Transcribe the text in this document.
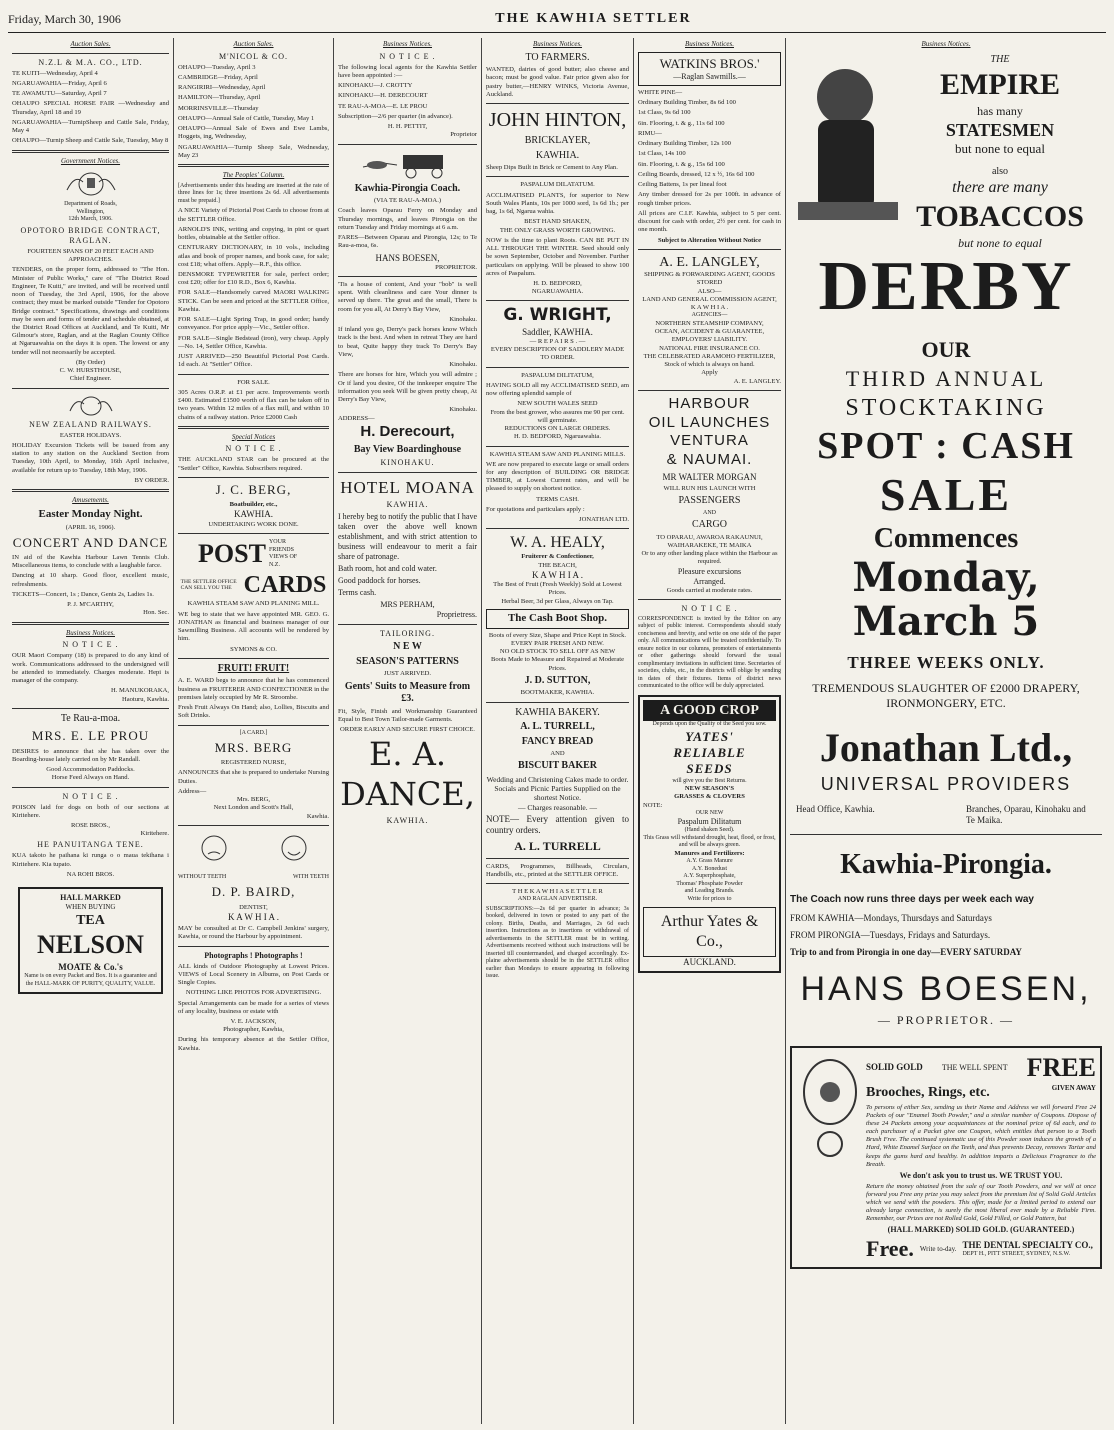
Friday, March 30, 1906	THE KAWHIA SETTLER
Auction Sales.
N.Z.L & M.A. CO., LTD.
TE KUITI—Wednesday, April 4
NGARUAWAHIA—Friday, April 6
TE AWAMUTU—Saturday, April 7
OHAUPO SPECIAL HORSE FAIR —Wednesday and Thursday, April 18 and 19
NGARUAWAHIA—TurnipSheep and Cattle Sale, Friday, May 4
OHAUPO—Turnip Sheep and Cattle Sale, Tuesday, May 8
Government Notices.
Department of Roads,
Wellington,
12th March, 1906.
OPOTORO BRIDGE CONTRACT, RAGLAN.
FOURTEEN SPANS OF 20 FEET EACH AND APPROACHES.
TENDERS, on the proper form, addressed to "The Hon. Minister of Public Works," care of "The District Road Engineer, Te Kuiti," are invited, and will be received until noon of Tuesday, the 3rd April, 1906, for the above contract; they must be marked outside "Tender for Opotoro Bridge contract." Specifications, drawings and conditions may be seen and forms of tender and schedule obtained, at the District Road Offices at Auckland, and Te Kuiti, Mr Gilmour's store, Raglan, and at the Raglan County Office at Ngaruawahia on the days it is open. The lowest or any tender will not necessarily be accepted.
(By Order)
C. W. HURSTHOUSE,
Chief Engineer.
NEW ZEALAND RAILWAYS.
EASTER HOLIDAYS.
HOLIDAY Excursion Tickets will be issued from any station to any station on the Auckland Section from Tuesday, 10th April, to Monday, 16th April inclusive, available for return up to Tuesday, 18th May, 1906.
BY ORDER.
Amusements.
Easter Monday Night.
(APRIL 16, 1906).
CONCERT AND DANCE
IN aid of the Kawhia Harbour Lawn Tennis Club. Miscellaneous items, to conclude with a laughable farce.
Dancing at 10 sharp. Good floor, excellent music, refreshments.
TICKETS—Concert, 1s ; Dance, Gents 2s, Ladies 1s.
P. J. M'CARTHY,
Hon. Sec.
Business Notices.
N O T I C E .
OUR Maori Company (18) is prepared to do any kind of work. Communications addressed to the undersigned will be attended to immediately. Charges moderate. Hepi is manager of the company.
H. MANUKORAKA,
Haoturu, Kawhia.
Te Rau-a-moa.
MRS. E. LE PROU
DESIRES to announce that she has taken over the Boarding-house lately carried on by Mr Randall.
Good Accommodation Paddocks.
Horse Feed Always on Hand.
N O T I C E .
POISON laid for dogs on both of our sections at Kiritehere.
ROSE BROS.,
Kiritehere.
HE PANUITANGA TENE.
KUA takoto he paihana ki runga o o maua tekihana i Kiritehere. Kia tupato.
NA ROHI BROS.
HALL MARKED
WHEN BUYING
TEA
NELSON
MOATE & Co.'s
Name is on every Packet and Box. It is a guarantee and the HALL-MARK OF PURITY, QUALITY, VALUE.
Auction Sales.
M'NICOL & CO.
OHAUPO—Tuesday, April 3
CAMBRIDGE—Friday, April
RANGIRIRI—Wednesday, April
HAMILTON—Thursday, April
MORRINSVILLE—Thursday
OHAUPO—Annual Sale of Cattle, Tuesday, May 1
OHAUPO—Annual Sale of Ewes and Ewe Lambs, Hoggets, ing, Wednesday,
NGARUAWAHIA—Turnip Sheep Sale, Wednesday, May 23
The Peoples' Column.
[Advertisements under this heading are inserted at the rate of three lines for 1s; three insertions 2s 6d. All advertisements must be prepaid.]
A NICE Variety of Pictorial Post Cards to choose from at the SETTLER Office.
ARNOLD'S INK, writing and copying, in pint or quart bottles, obtainable at the Settler office.
CENTURARY DICTIONARY, in 10 vols., including atlas and book of proper names, and book case, for sale; cost £18; what offers. Apply—R.F., this office.
DENSMORE TYPEWRITER for sale, perfect order; cost £20; offer for £10 R.D., Box 6, Kawhia.
FOR SALE—Handsomely carved MAORI WALKING STICK. Can be seen and priced at the SETTLER Office, Kawhia.
FOR SALE—Light Spring Trap, in good order; handy conveyance. For price apply—Vic., Settler office.
FOR SALE—Single Bedstead (iron), very cheap. Apply—No. 14, Settler Office, Kawhia.
JUST ARRIVED—250 Beautiful Pictorial Post Cards. 1d each. At "Settler" Office.
FOR SALE.
305 Acres O.R.P. at £1 per acre. Improvements worth £400. Estimated £1500 worth of flax can be taken off in two years. Within 12 miles of a flax mill, and within 10 chains of a railway station. Price £2000 Cash
Special Notices
N O T I C E .
THE AUCKLAND STAR can be procured at the "Settler" Office, Kawhia. Subscribers required.
J. C. BERG,
Boatbuilder, etc.,
KAWHIA.
UNDERTAKING WORK DONE.
POST YOUR FRIENDS VIEWS OF N.Z.
THE SETTLER OFFICE CAN SELL YOU THE CARDS
KAWHIA STEAM SAW AND PLANING MILL.
WE beg to state that we have appointed MR. GEO. G. JONATHAN as financial and business manager of our Sawmilling Business. All accounts will be rendered by him.
SYMONS & CO.
FRUIT! FRUIT!
A. E. WARD begs to announce that he has commenced business as FRUITERER AND CONFECTIONER in the premises lately occupied by Mr R. Stroombe.
Fresh Fruit Always On Hand; also, Lollies, Biscuits and Soft Drinks.
[A CARD.]
MRS. BERG
REGISTERED NURSE,
ANNOUNCES that she is prepared to undertake Nursing Duties.
Address—
Mrs. BERG,
Next London and Scott's Hall,
Kawhia.
WITHOUT TEETH	WITH TEETH
D. P. BAIRD,
DENTIST,
K A W H I A .
MAY be consulted at Dr C. Campbell Jenkins' surgery, Kawhia, or round the Harbour by appointment.
Photographs ! Photographs !
ALL kinds of Outdoor Photography at Lowest Prices. VIEWS of Local Scenery in Albums, on Post Cards or Single Copies.
NOTHING LIKE PHOTOS FOR ADVERTISING.
Special Arrangements can be made for a series of views of any locality, business or estate with
V. E. JACKSON,
Photographer, Kawhia,
During his temporary absence at the Settler Office, Kawhia.
Business Notices.
N O T I C E .
The following local agents for the Kawhia Settler have been appointed :—
KINOHAKU—J. CROTTY
KINOHAKU—H. DERECOURT
TE RAU-A-MOA—E. LE PROU
Subscription—2/6 per quarter (in advance).
H. H. PETTIT,
Proprietor
Kawhia-Pirongia Coach.
(VIA TE RAU-A-MOA.)
Coach leaves Oparau Ferry on Monday and Thursday mornings, and leaves Pirongia on the return Tuesday and Friday mornings at 6 a.m.
FARES—Between Oparau and Pirongia, 12s; to Te Rau-a-moa, 6s.
HANS BOESEN,
PROPRIETOR.
'Tis a house of content, And your "bob" is well spent. With cleanliness and care Your dinner is served up there. The great and the small, There is room for you all, At Derry's Bay View,
Kinohaku.
If inland you go, Derry's pack horses know Which track is the best. And when in retreat They are hard to beat, Quite happy they track To Derry's Bay View,
Kinohaku.
There are horses for hire, Which you will admire ; Or if land you desire, Of the innkeeper enquire The information you seek Will be given pretty cheap, At Derry's Bay View,
Kinohaku.
ADDRESS—
H. Derecourt,
Bay View Boardinghouse
KINOHAKU.
HOTEL MOANA
KAWHIA.
I hereby beg to notify the public that I have taken over the above well known establishment, and with strict attention to business will endeavour to merit a fair share of patronage.
Bath room, hot and cold water.
Good paddock for horses.
Terms cash.
MRS PERHAM,
Proprietress.
TAILORING.
N E W
SEASON'S PATTERNS
JUST ARRIVED.
Gents' Suits to Measure from £3.
Fit, Style, Finish and Workmanship Guaranteed Equal to Best Town Tailor-made Garments.
ORDER EARLY AND SECURE FIRST CHOICE.
E. A. DANCE,
KAWHIA.
Business Notices.
TO FARMERS.
WANTED, dairies of good butter; also cheese and bacon; must be good value. Fair price given also for pastry butter,—HENRY WINKS, Victoria Avenue, Auckland.
JOHN HINTON,
BRICKLAYER,
KAWHIA.
Sheep Dips Built in Brick or Cement to Any Plan.
PASPALUM DILATATUM.
ACCLIMATISED PLANTS, for superior to New South Wales Plants, 10s per 1000 sord, 1s 6d 1b.; per bag, 1s 6d, Ngarua wahia.
BEST HAND SHAKEN,
THE ONLY GRASS WORTH GROWING.
NOW is the time to plant Roots. CAN BE PUT IN ALL THROUGH THE WINTER. Seed should only be sown September, October and November. Further particulars on applying. Will be pleased to show 100 acres of Paspalum.
H. D. BEDFORD,
NGARUAWAHIA.
G. WRIGHT,
Saddler, KAWHIA.
— R E P A I R S . —
EVERY DESCRIPTION OF SADDLERY MADE TO ORDER.
PASPALUM DILITATUM,
HAVING SOLD all my ACCLIMATISED SEED, am now offering splendid sample of
NEW SOUTH WALES SEED
From the best grower, who assures me 90 per cent. will germinate.
REDUCTIONS ON LARGE ORDERS.
H. D. BEDFORD, Ngaruawahia.
KAWHIA STEAM SAW AND PLANING MILLS.
WE are now prepared to execute large or small orders for any description of BUILDING OR BRIDGE TIMBER, at Lowest Current rates, and will be pleased to supply on shortest notice.
TERMS CASH.
For quotations and particulars apply :
JONATHAN LTD.
W. A. HEALY,
Fruiterer & Confectioner,
THE BEACH,
K A W H I A .
The Best of Fruit (Fresh Weekly) Sold at Lowest Prices.
Herbal Beer, 3d per Glass, Always on Tap.
The Cash Boot Shop.
Boots of every Size, Shape and Price Kept in Stock.
EVERY PAIR FRESH AND NEW.
NO OLD STOCK TO SELL OFF AS NEW
Boots Made to Measure and Repaired at Moderate Prices.
J. D. SUTTON,
BOOTMAKER, KAWHIA.
KAWHIA BAKERY.
A. L. TURRELL,
FANCY BREAD
AND
BISCUIT BAKER
Wedding and Christening Cakes made to order. Socials and Picnic Parties Supplied on the shortest Notice.
— Charges reasonable. —
NOTE— Every attention given to country orders.
A. L. TURRELL
CARDS, Programmes, Billheads, Circulars, Handbills, etc., printed at the SETTLER OFFICE.
T H E K A W H I A S E T T L E R
AND RAGLAN ADVERTISER.
SUBSCRIPTIONS:—2s 6d per quarter in advance; 3s booked, delivered in town or posted to any part of the colony. Births, Deaths, and Marriages, 2s 6d each insertion. Instructions as to insertions or withdrawal of advertisements in the SETTLER must be in writing. Advertisements received without such instructions will be inserted till countermanded, and charged accordingly. Ex-plaine advertisements should be in the SETTLER office earlier than Mondays to ensure appearing in following issue.
Business Notices.
WATKINS BROS.'
—Raglan Sawmills.—
WHITE PINE—
Ordinary Building Timber, 8s 6d 100
1st Class, 9s 6d 100
6in. Flooring, t. & g., 11s 6d 100
RIMU—
Ordinary Building Timber, 12s 100
1st Class, 14s 100
6in. Flooring, t. & g., 15s 6d 100
Ceiling Boards, dressed, 12 x ½, 16s 6d 100
Ceiling Battens, 1s per lineal foot
Any timber dressed for 2s per 100ft. in advance of rough timber prices.
All prices are C.I.F. Kawhia, subject to 5 per cent. discount for cash with order, 2½ per cent. for cash in one month.
Subject to Alteration Without Notice
A. E. LANGLEY,
SHIPPING & FORWARDING AGENT, GOODS STORED
ALSO—
LAND AND GENERAL COMMISSION AGENT,
K A W H I A .
AGENCIES—
NORTHERN STEAMSHIP COMPANY,
OCEAN, ACCIDENT & GUARANTEE, EMPLOYERS' LIABILITY.
NATIONAL FIRE INSURANCE CO.
THE CELEBRATED ARAMOHO FERTILIZER,
Stock of which is always on hand.
Apply
A. E. LANGLEY.
HARBOUR
OIL LAUNCHES
VENTURA
& NAUMAI.
MR WALTER MORGAN
WILL RUN HIS LAUNCH WITH
PASSENGERS
AND
CARGO
TO OPARAU, AWAROA RAKAUNUI, WAIHARAKEKE, TE MAIKA
Or to any other landing place within the Harbour as required.
Pleasure excursions
Arranged.
Goods carried at moderate rates.
N O T I C E .
CORRESPONDENCE is invited by the Editor on any subject of public interest. Correspondents should study conciseness and brevity, and write on one side of the paper only. All communications will be treated confidentially. To ensure notice in our columns, promoters of entertainments or other gatherings should forward the usual complimentary invitations in sufficient time. Secretaries of societies, clubs, etc., in the districts will oblige by sending in dates of their fixtures. Items of district news communicated to the office will be duly appreciated.
A GOOD CROP
Depends upon the Quality of the Seed you sow.
YATES'
RELIABLE
SEEDS
will give you the Best Returns.
NEW SEASON'S
GRASSES & CLOVERS
NOTE:
OUR NEW
Paspalum Dilitatum
(Hand shaken Seed).
This Grass will withstand drought, heat, flood, or frost, and will be always green.
Manures and Fertilizers:
A.Y. Grass Manure
A.Y. Bonedust
A.Y. Superphosphate,
Thomas' Phosphate Powder
and Leading Brands.
Write for prices to
Arthur Yates & Co.,
AUCKLAND.
Business Notices.
THE
EMPIRE
has many
STATESMEN
but none to equal
also
there are many
TOBACCOS
but none to equal
DERBY
OUR
THIRD ANNUAL
STOCKTAKING
SPOT : CASH
SALE
Commences
Monday, March 5
THREE WEEKS ONLY.
TREMENDOUS SLAUGHTER OF £2000 DRAPERY, IRONMONGERY, ETC.
Jonathan Ltd.,
UNIVERSAL PROVIDERS
Head Office, Kawhia.	Branches, Oparau, Kinohaku and Te Maika.
Kawhia-Pirongia.
The Coach now runs three days per week each way
FROM KAWHIA—Mondays, Thursdays and Saturdays
FROM PIRONGIA—Tuesdays, Fridays and Saturdays.
Trip to and from Pirongia in one day—EVERY SATURDAY
HANS BOESEN,
— PROPRIETOR. —
SOLID GOLD THE WELL SPENT FREE
Brooches, Rings, etc.	GIVEN AWAY
To persons of either Sex, sending us their Name and Address we will forward Free 24 Packets of our "Enamel Tooth Powder," and a similar number of Coupons. Dispose of these 24 Packets among your acquaintances at the nominal price of 6d each, and to each purchaser of a Packet give one Coupon, which entitles that person to a Tooth Brush Free. The continued systematic use of this Powder soon induces the growth of a Hard, White Enamel Surface on the Teeth, and thus prevents Decay, removes Tartar and keeps the gums hard and healthy. In addition imparts a Delicious Fragrance to the Breath.
We don't ask you to trust us. WE TRUST YOU.
Return the money obtained from the sale of our Tooth Powders, and we will at once forward you Free any prize you may select from the premium list of Solid Gold Articles which we send with the powders. This offer, made for a limited period to extend our already large connection, is surely the most liberal ever made by a Reliable Firm. Remember, our Prizes are not Rolled Gold, Gold Filled, or Gold Pattern, but
(HALL MARKED) SOLID GOLD. (GUARANTEED.)
Free. Write to-day. THE DENTAL SPECIALTY CO.,
DEPT H., PITT STREET, SYDNEY, N.S.W.
